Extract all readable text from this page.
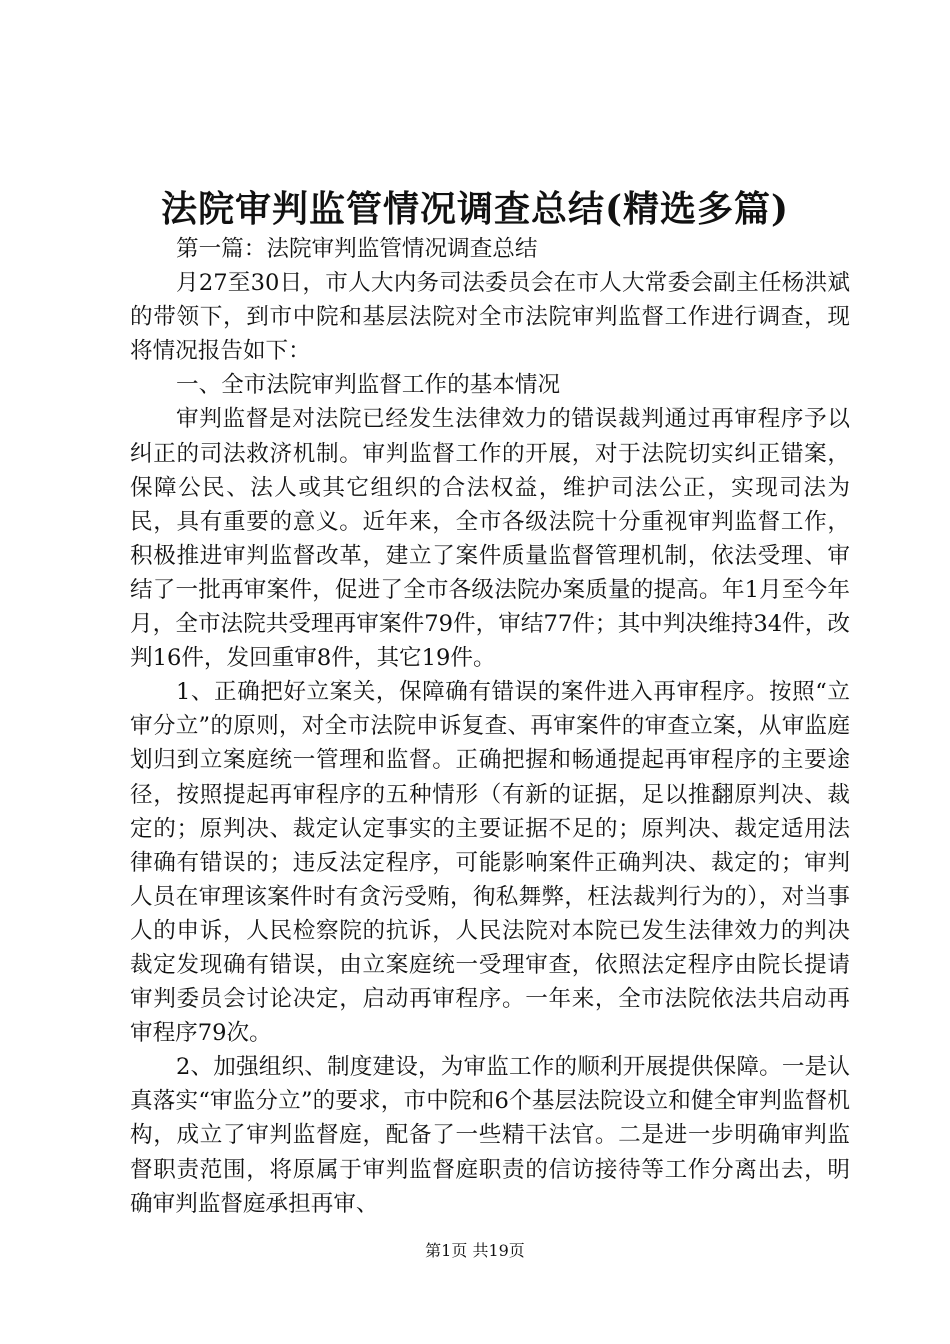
法院审判监管情况调查总结(精选多篇)

第一篇：法院审判监管情况调查总结

月27至30日，市人大内务司法委员会在市人大常委会副主任杨洪斌的带领下，到市中院和基层法院对全市法院审判监督工作进行调查，现将情况报告如下：

一、全市法院审判监督工作的基本情况

审判监督是对法院已经发生法律效力的错误裁判通过再审程序予以纠正的司法救济机制。审判监督工作的开展，对于法院切实纠正错案，保障公民、法人或其它组织的合法权益，维护司法公正，实现司法为民，具有重要的意义。近年来，全市各级法院十分重视审判监督工作，积极推进审判监督改革，建立了案件质量监督管理机制，依法受理、审结了一批再审案件，促进了全市各级法院办案质量的提高。年1月至今年月，全市法院共受理再审案件79件，审结77件；其中判决维持34件，改判16件，发回重审8件，其它19件。

1、正确把好立案关，保障确有错误的案件进入再审程序。按照“立审分立”的原则，对全市法院申诉复查、再审案件的审查立案，从审监庭划归到立案庭统一管理和监督。正确把握和畅通提起再审程序的主要途径，按照提起再审程序的五种情形（有新的证据，足以推翻原判决、裁定的；原判决、裁定认定事实的主要证据不足的；原判决、裁定适用法律确有错误的；违反法定程序，可能影响案件正确判决、裁定的；审判人员在审理该案件时有贪污受贿，徇私舞弊，枉法裁判行为的），对当事人的申诉，人民检察院的抗诉，人民法院对本院已发生法律效力的判决裁定发现确有错误，由立案庭统一受理审查，依照法定程序由院长提请审判委员会讨论决定，启动再审程序。一年来，全市法院依法共启动再审程序79次。

2、加强组织、制度建设，为审监工作的顺利开展提供保障。一是认真落实“审监分立”的要求，市中院和6个基层法院设立和健全审判监督机构，成立了审判监督庭，配备了一些精干法官。二是进一步明确审判监督职责范围，将原属于审判监督庭职责的信访接待等工作分离出去，明确审判监督庭承担再审、

第1页 共19页
